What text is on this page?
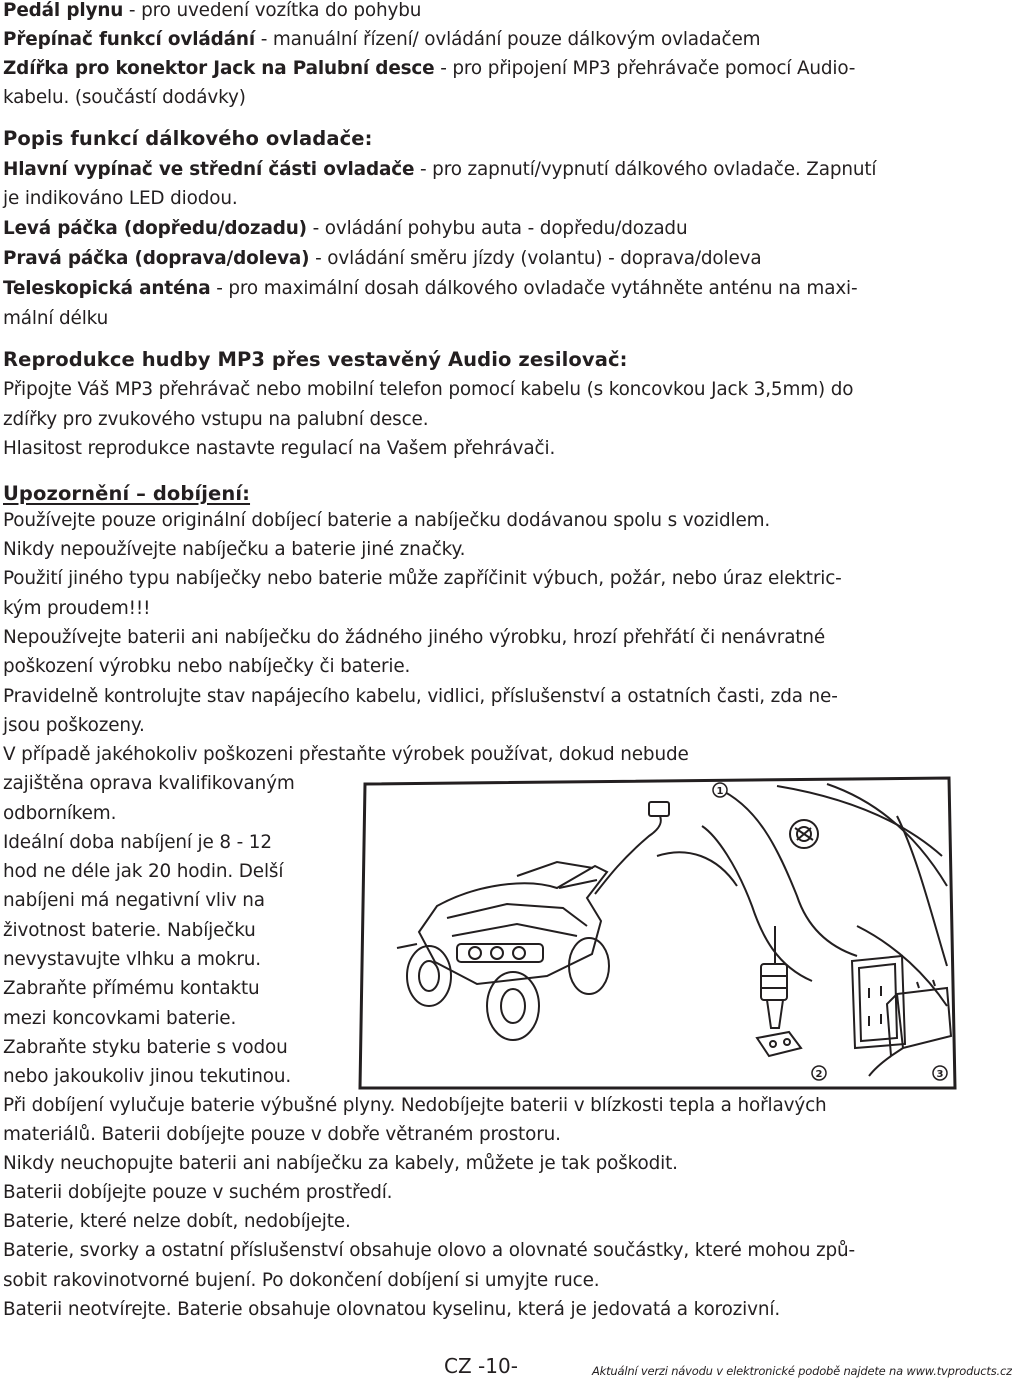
Pedál plynu - pro uvedení vozítka do pohybu
Přepínač funkcí ovládání - manuální řízení/ ovládání pouze dálkovým ovladačem
Zdířka pro konektor Jack na Palubní desce - pro připojení MP3 přehrávače pomocí Audio-
kabelu. (součástí dodávky)
Popis funkcí dálkového ovladače:
Hlavní vypínač ve střední části ovladače - pro zapnutí/vypnutí dálkového ovladače. Zapnutí
je indikováno LED diodou.
Levá páčka (dopředu/dozadu) - ovládání pohybu auta - dopředu/dozadu
Pravá páčka (doprava/doleva) - ovládání směru jízdy (volantu) - doprava/doleva
Teleskopická anténa - pro maximální dosah dálkového ovladače vytáhněte anténu na maxi-
mální délku
Reprodukce hudby MP3 přes vestavěný Audio zesilovač:
Připojte Váš MP3 přehrávač nebo mobilní telefon pomocí kabelu (s koncovkou Jack 3,5mm) do
zdířky pro zvukového vstupu na palubní desce.
Hlasitost reprodukce nastavte regulací na Vašem přehrávači.
Upozornění – dobíjení:
Používejte pouze originální dobíjecí baterie a nabíječku dodávanou spolu s vozidlem.
Nikdy nepoužívejte nabíječku a baterie jiné značky.
Použití jiného typu nabíječky nebo baterie může zapříčinit výbuch, požár, nebo úraz elektric-
kým proudem!!!
Nepoužívejte baterii ani nabíječku do žádného jiného výrobku, hrozí přehřátí či nenávratné
poškození výrobku nebo nabíječky či baterie.
Pravidelně kontrolujte stav napájecího kabelu, vidlici, příslušenství a ostatních časti, zda ne-
jsou poškozeny.
V případě jakéhokoliv poškozeni přestaňte výrobek používat, dokud nebude
zajištěna oprava kvalifikovaným
odborníkem.
Ideální doba nabíjení je 8 - 12
hod ne déle jak 20 hodin. Delší
nabíjeni má negativní vliv na
životnost baterie. Nabíječku
nevystavujte vlhku a mokru.
Zabraňte přímému kontaktu
mezi koncovkami baterie.
Zabraňte styku baterie s vodou
nebo jakoukoliv jinou tekutinou.
Při dobíjení vylučuje baterie výbušné plyny. Nedobíjejte baterii v blízkosti tepla a hořlavých
materiálů. Baterii dobíjejte pouze v dobře větraném prostoru.
Nikdy neuchopujte baterii ani nabíječku za kabely, můžete je tak poškodit.
Baterii dobíjejte pouze v suchém prostředí.
Baterie, které nelze dobít, nedobíjejte.
Baterie, svorky a ostatní příslušenství obsahuje olovo a olovnaté součástky, které mohou způ-
sobit rakovinotvorné bujení. Po dokončení dobíjení si umyjte ruce.
Baterii neotvírejte. Baterie obsahuje olovnatou kyselinu, která je jedovatá a korozivní.
1
2	3
CZ -10-	Aktuální verzi návodu v elektronické podobě najdete na www.tvproducts.cz
